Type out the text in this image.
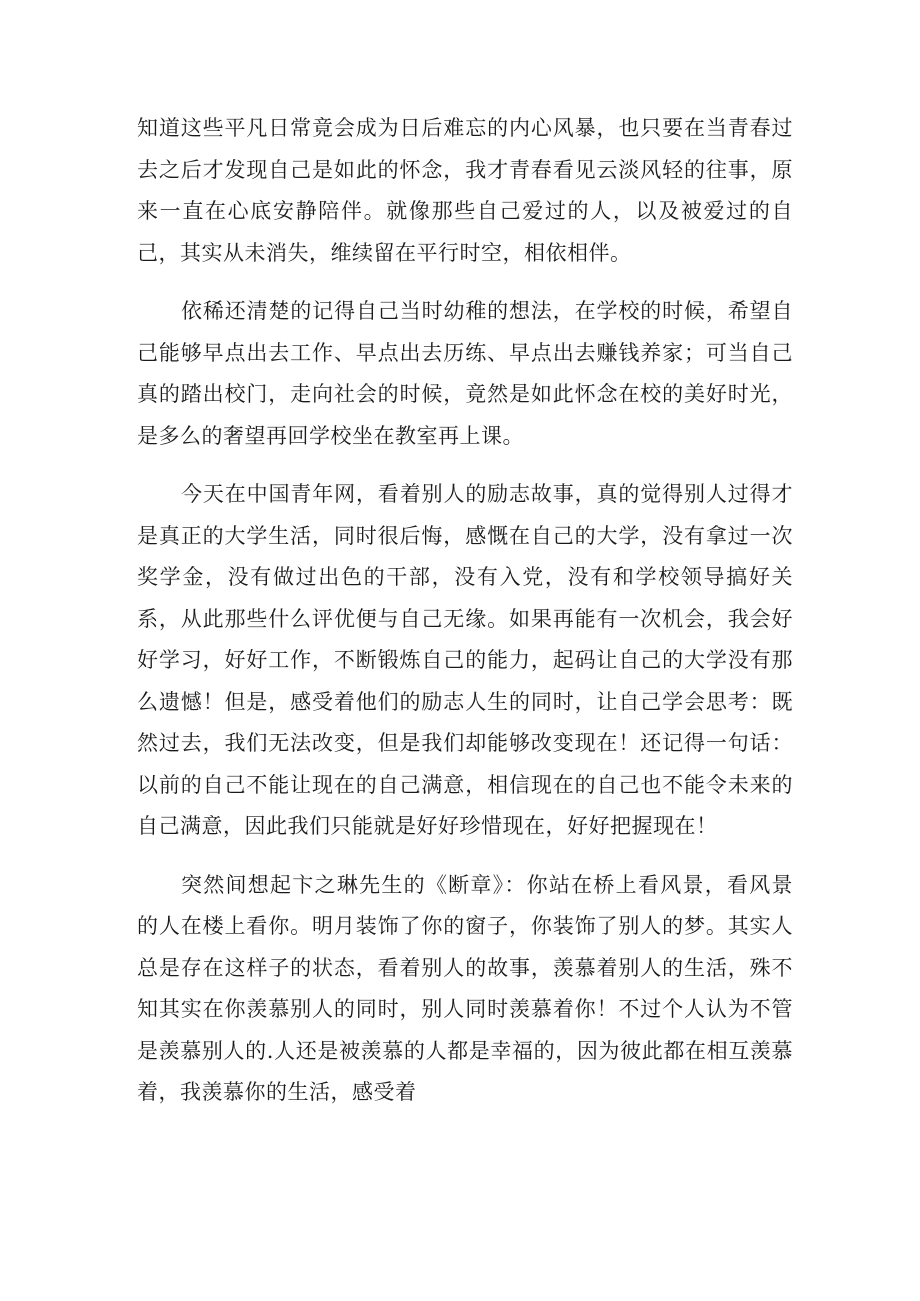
知道这些平凡日常竟会成为日后难忘的内心风暴，也只要在当青春过去之后才发现自己是如此的怀念，我才青春看见云淡风轻的往事，原来一直在心底安静陪伴。就像那些自己爱过的人，以及被爱过的自己，其实从未消失，维续留在平行时空，相依相伴。

依稀还清楚的记得自己当时幼稚的想法，在学校的时候，希望自己能够早点出去工作、早点出去历练、早点出去赚钱养家；可当自己真的踏出校门，走向社会的时候，竟然是如此怀念在校的美好时光，是多么的奢望再回学校坐在教室再上课。

今天在中国青年网，看着别人的励志故事，真的觉得别人过得才是真正的大学生活，同时很后悔，感慨在自己的大学，没有拿过一次奖学金，没有做过出色的干部，没有入党，没有和学校领导搞好关系，从此那些什么评优便与自己无缘。如果再能有一次机会，我会好好学习，好好工作，不断锻炼自己的能力，起码让自己的大学没有那么遗憾！但是，感受着他们的励志人生的同时，让自己学会思考：既然过去，我们无法改变，但是我们却能够改变现在！还记得一句话：以前的自己不能让现在的自己满意，相信现在的自己也不能令未来的自己满意，因此我们只能就是好好珍惜现在，好好把握现在！

突然间想起卞之琳先生的《断章》：你站在桥上看风景，看风景的人在楼上看你。明月装饰了你的窗子，你装饰了别人的梦。其实人总是存在这样子的状态，看着别人的故事，羡慕着别人的生活，殊不知其实在你羡慕别人的同时，别人同时羡慕着你！不过个人认为不管是羡慕别人的.人还是被羡慕的人都是幸福的，因为彼此都在相互羡慕着，我羡慕你的生活，感受着
